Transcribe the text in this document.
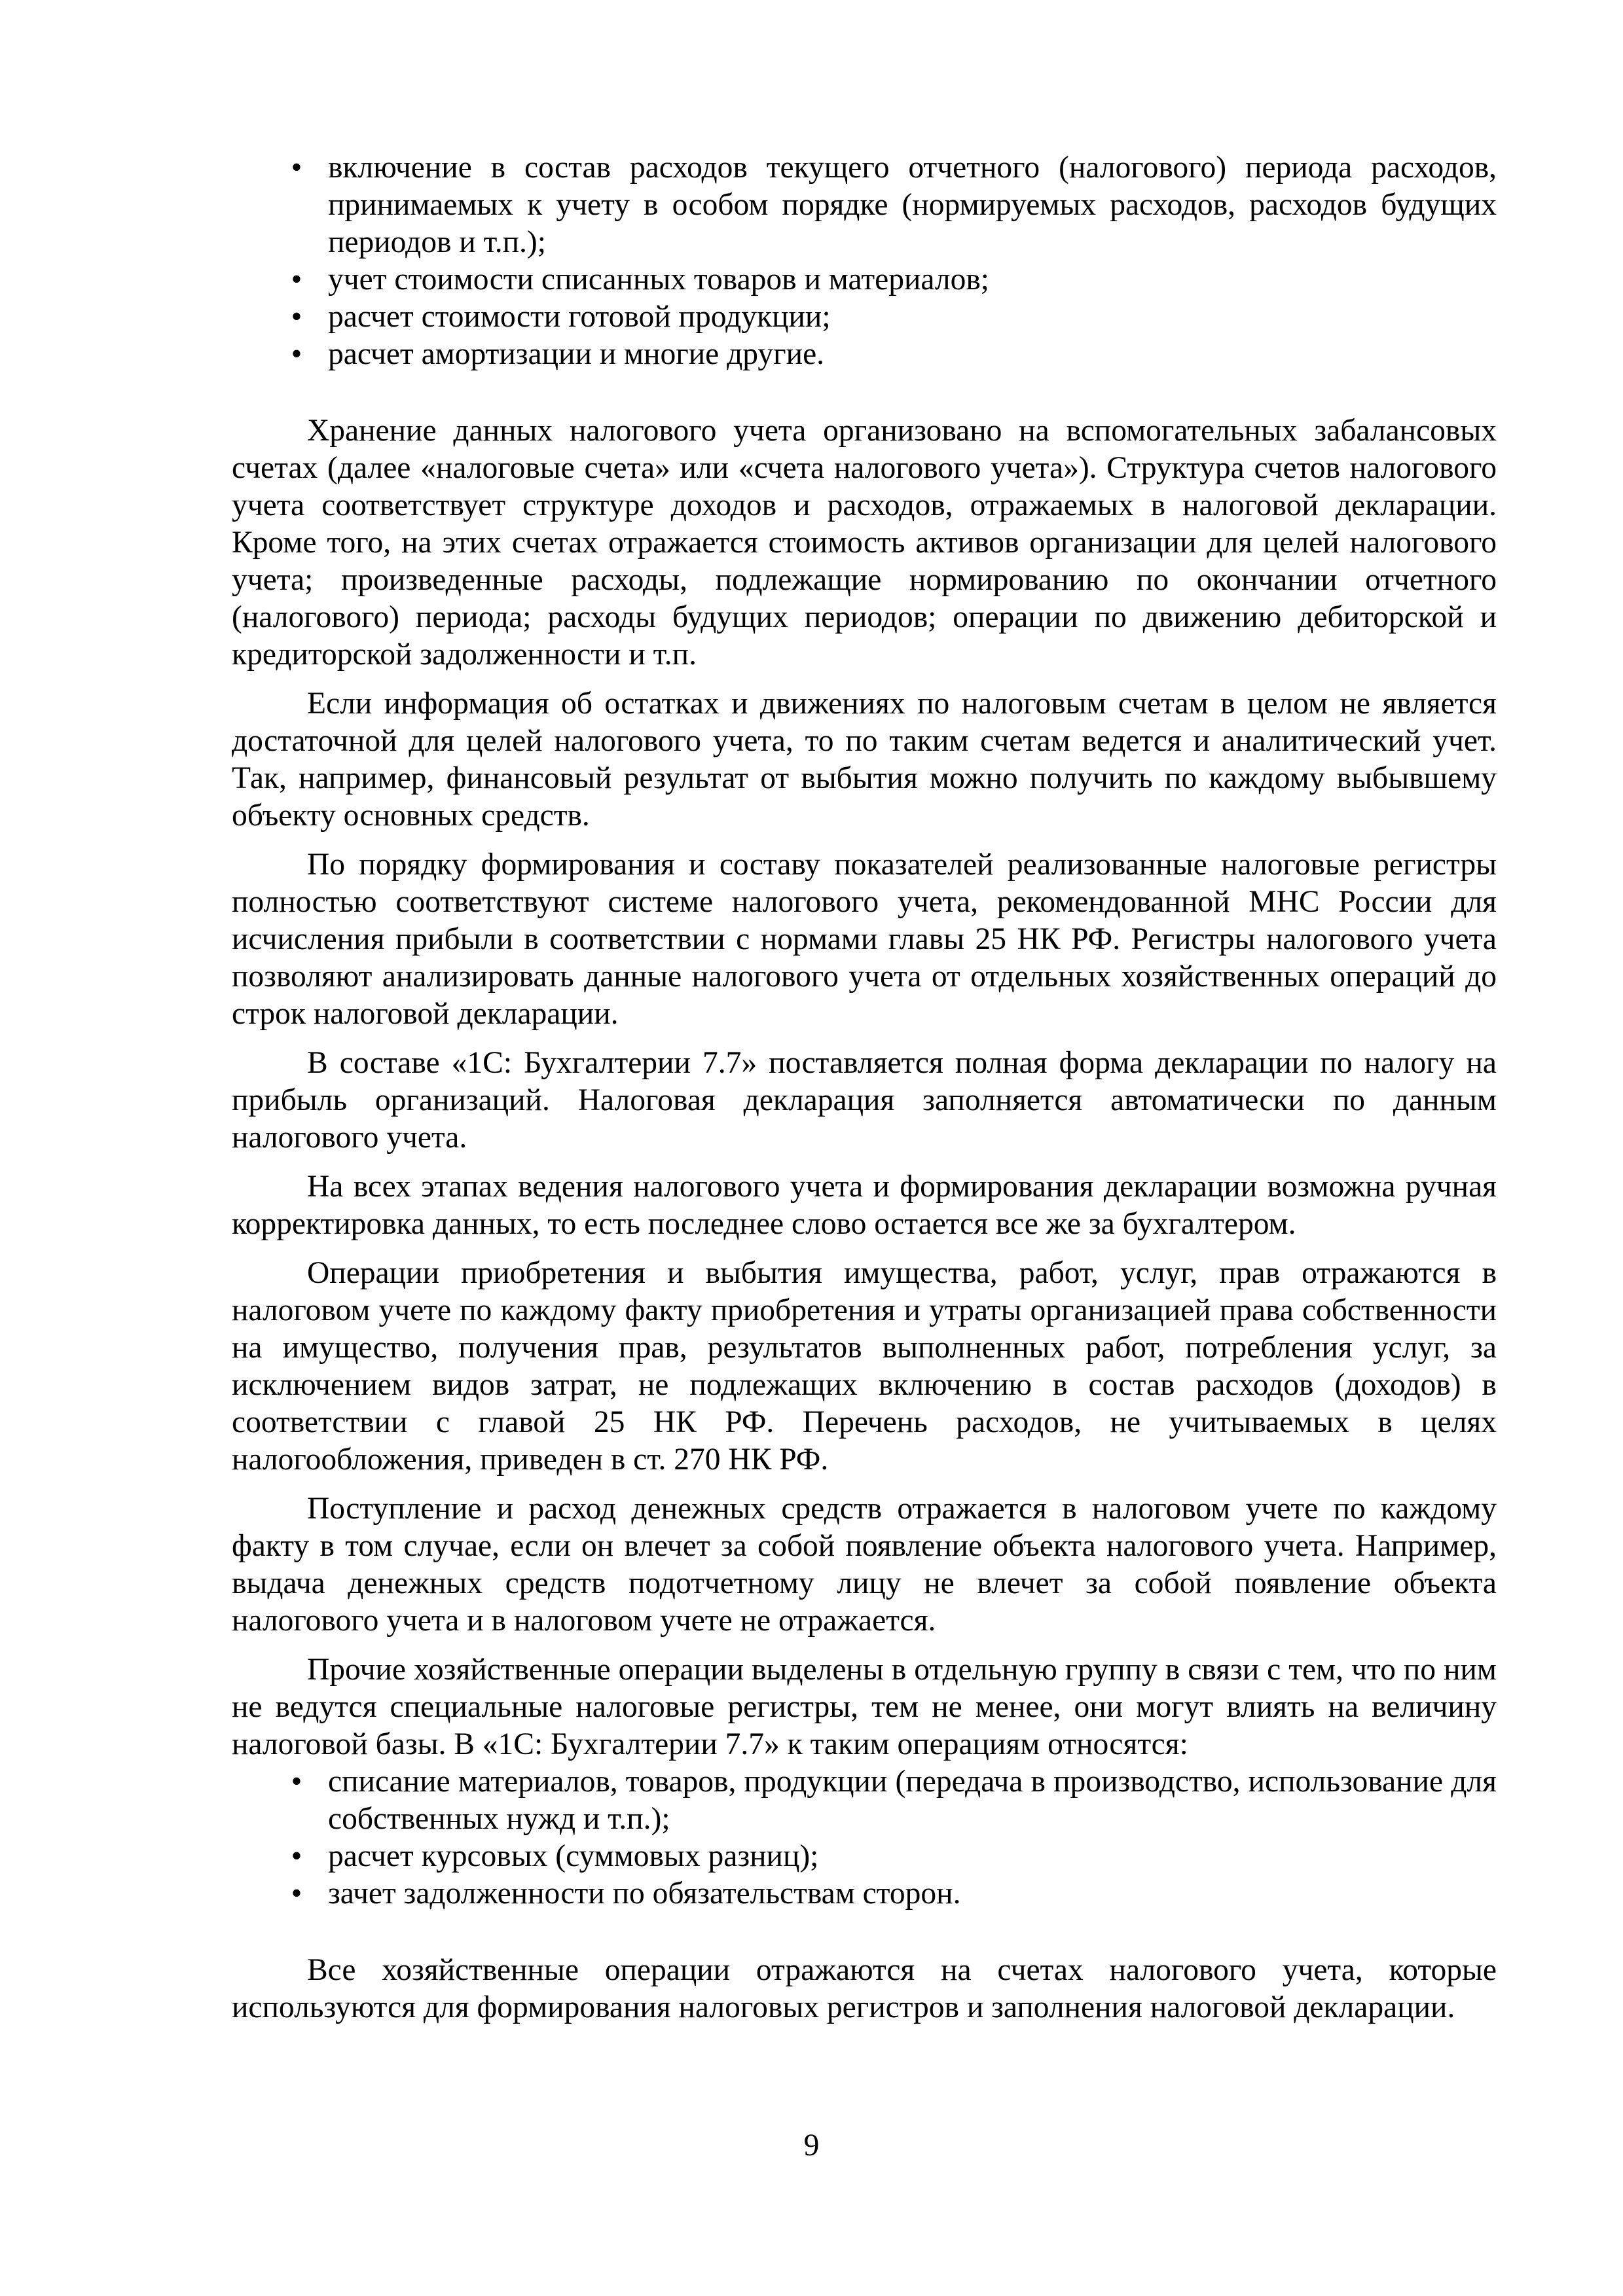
• включение в состав расходов текущего отчетного (налогового) периода расходов, принимаемых к учету в особом порядке (нормируемых расходов, расходов будущих периодов и т.п.);
• учет стоимости списанных товаров и материалов;
• расчет стоимости готовой продукции;
• расчет амортизации и многие другие.

Хранение данных налогового учета организовано на вспомогательных забалансовых счетах (далее «налоговые счета» или «счета налогового учета»). Структура счетов налогового учета соответствует структуре доходов и расходов, отражаемых в налоговой декларации. Кроме того, на этих счетах отражается стоимость активов организации для целей налогового учета; произведенные расходы, подлежащие нормированию по окончании отчетного (налогового) периода; расходы будущих периодов; операции по движению дебиторской и кредиторской задолженности и т.п.

Если информация об остатках и движениях по налоговым счетам в целом не является достаточной для целей налогового учета, то по таким счетам ведется и аналитический учет. Так, например, финансовый результат от выбытия можно получить по каждому выбывшему объекту основных средств.

По порядку формирования и составу показателей реализованные налоговые регистры полностью соответствуют системе налогового учета, рекомендованной МНС России для исчисления прибыли в соответствии с нормами главы 25 НК РФ. Регистры налогового учета позволяют анализировать данные налогового учета от отдельных хозяйственных операций до строк налоговой декларации.

В составе «1С: Бухгалтерии 7.7» поставляется полная форма декларации по налогу на прибыль организаций. Налоговая декларация заполняется автоматически по данным налогового учета.

На всех этапах ведения налогового учета и формирования декларации возможна ручная корректировка данных, то есть последнее слово остается все же за бухгалтером.

Операции приобретения и выбытия имущества, работ, услуг, прав отражаются в налоговом учете по каждому факту приобретения и утраты организацией права собственности на имущество, получения прав, результатов выполненных работ, потребления услуг, за исключением видов затрат, не подлежащих включению в состав расходов (доходов) в соответствии с главой 25 НК РФ. Перечень расходов, не учитываемых в целях налогообложения, приведен в ст. 270 НК РФ.

Поступление и расход денежных средств отражается в налоговом учете по каждому факту в том случае, если он влечет за собой появление объекта налогового учета. Например, выдача денежных средств подотчетному лицу не влечет за собой появление объекта налогового учета и в налоговом учете не отражается.

Прочие хозяйственные операции выделены в отдельную группу в связи с тем, что по ним не ведутся специальные налоговые регистры, тем не менее, они могут влиять на величину налоговой базы. В «1С: Бухгалтерии 7.7» к таким операциям относятся:

• списание материалов, товаров, продукции (передача в производство, использование для собственных нужд и т.п.);
• расчет курсовых (суммовых разниц);
• зачет задолженности по обязательствам сторон.

Все хозяйственные операции отражаются на счетах налогового учета, которые используются для формирования налоговых регистров и заполнения налоговой декларации.

9
